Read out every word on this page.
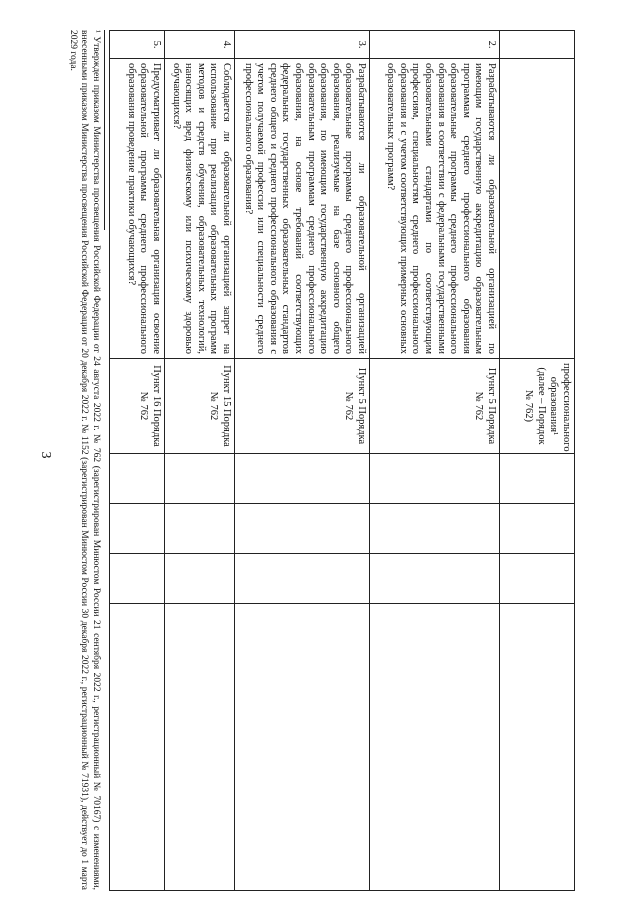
3
		профессионального образования¹ (далее – Порядок № 762)				
2.	Разрабатываются ли образовательной организацией по имеющим государственную аккредитацию образовательным программам среднего профессионального образования образовательные программы среднего профессионального образования в соответствии с федеральными государственными образовательными стандартами по соответствующим профессиям, специальностям среднего профессионального образования и с учетом соответствующих примерных основных образовательных программ?	Пункт 5 Порядка № 762				
3.	Разрабатываются ли образовательной организацией образовательные программы среднего профессионального образования, реализуемые на базе основного общего образования, по имеющим государственную аккредитацию образовательным программам среднего профессионального образования, на основе требований соответствующих федеральных государственных образовательных стандартов среднего общего и среднего профессионального образования с учетом получаемой профессии или специальности среднего профессионального образования?	Пункт 5 Порядка № 762				
4.	Соблюдается ли образовательной организацией запрет на использование при реализации образовательных программ методов и средств обучения, образовательных технологий, наносящих вред физическому или психическому здоровью обучающихся?	Пункт 15 Порядка № 762				
5.	Предусматривает ли образовательная организация освоение образовательной программы среднего профессионального образования проведение практики обучающихся?	Пункт 16 Порядка № 762				
¹ Утвержден приказом Министерства просвещения Российской Федерации от 24 августа 2022 г. № 762 (зарегистрирован Минюстом России 21 сентября 2022 г., регистрационный № 70167) с изменениями, внесенными приказом Министерства просвещения Российской Федерации от 20 декабря 2022 г. № 1152 (зарегистрирован Минюстом России 30 декабря 2022 г., регистрационный № 71931), действует до 1 марта 2029 года.
